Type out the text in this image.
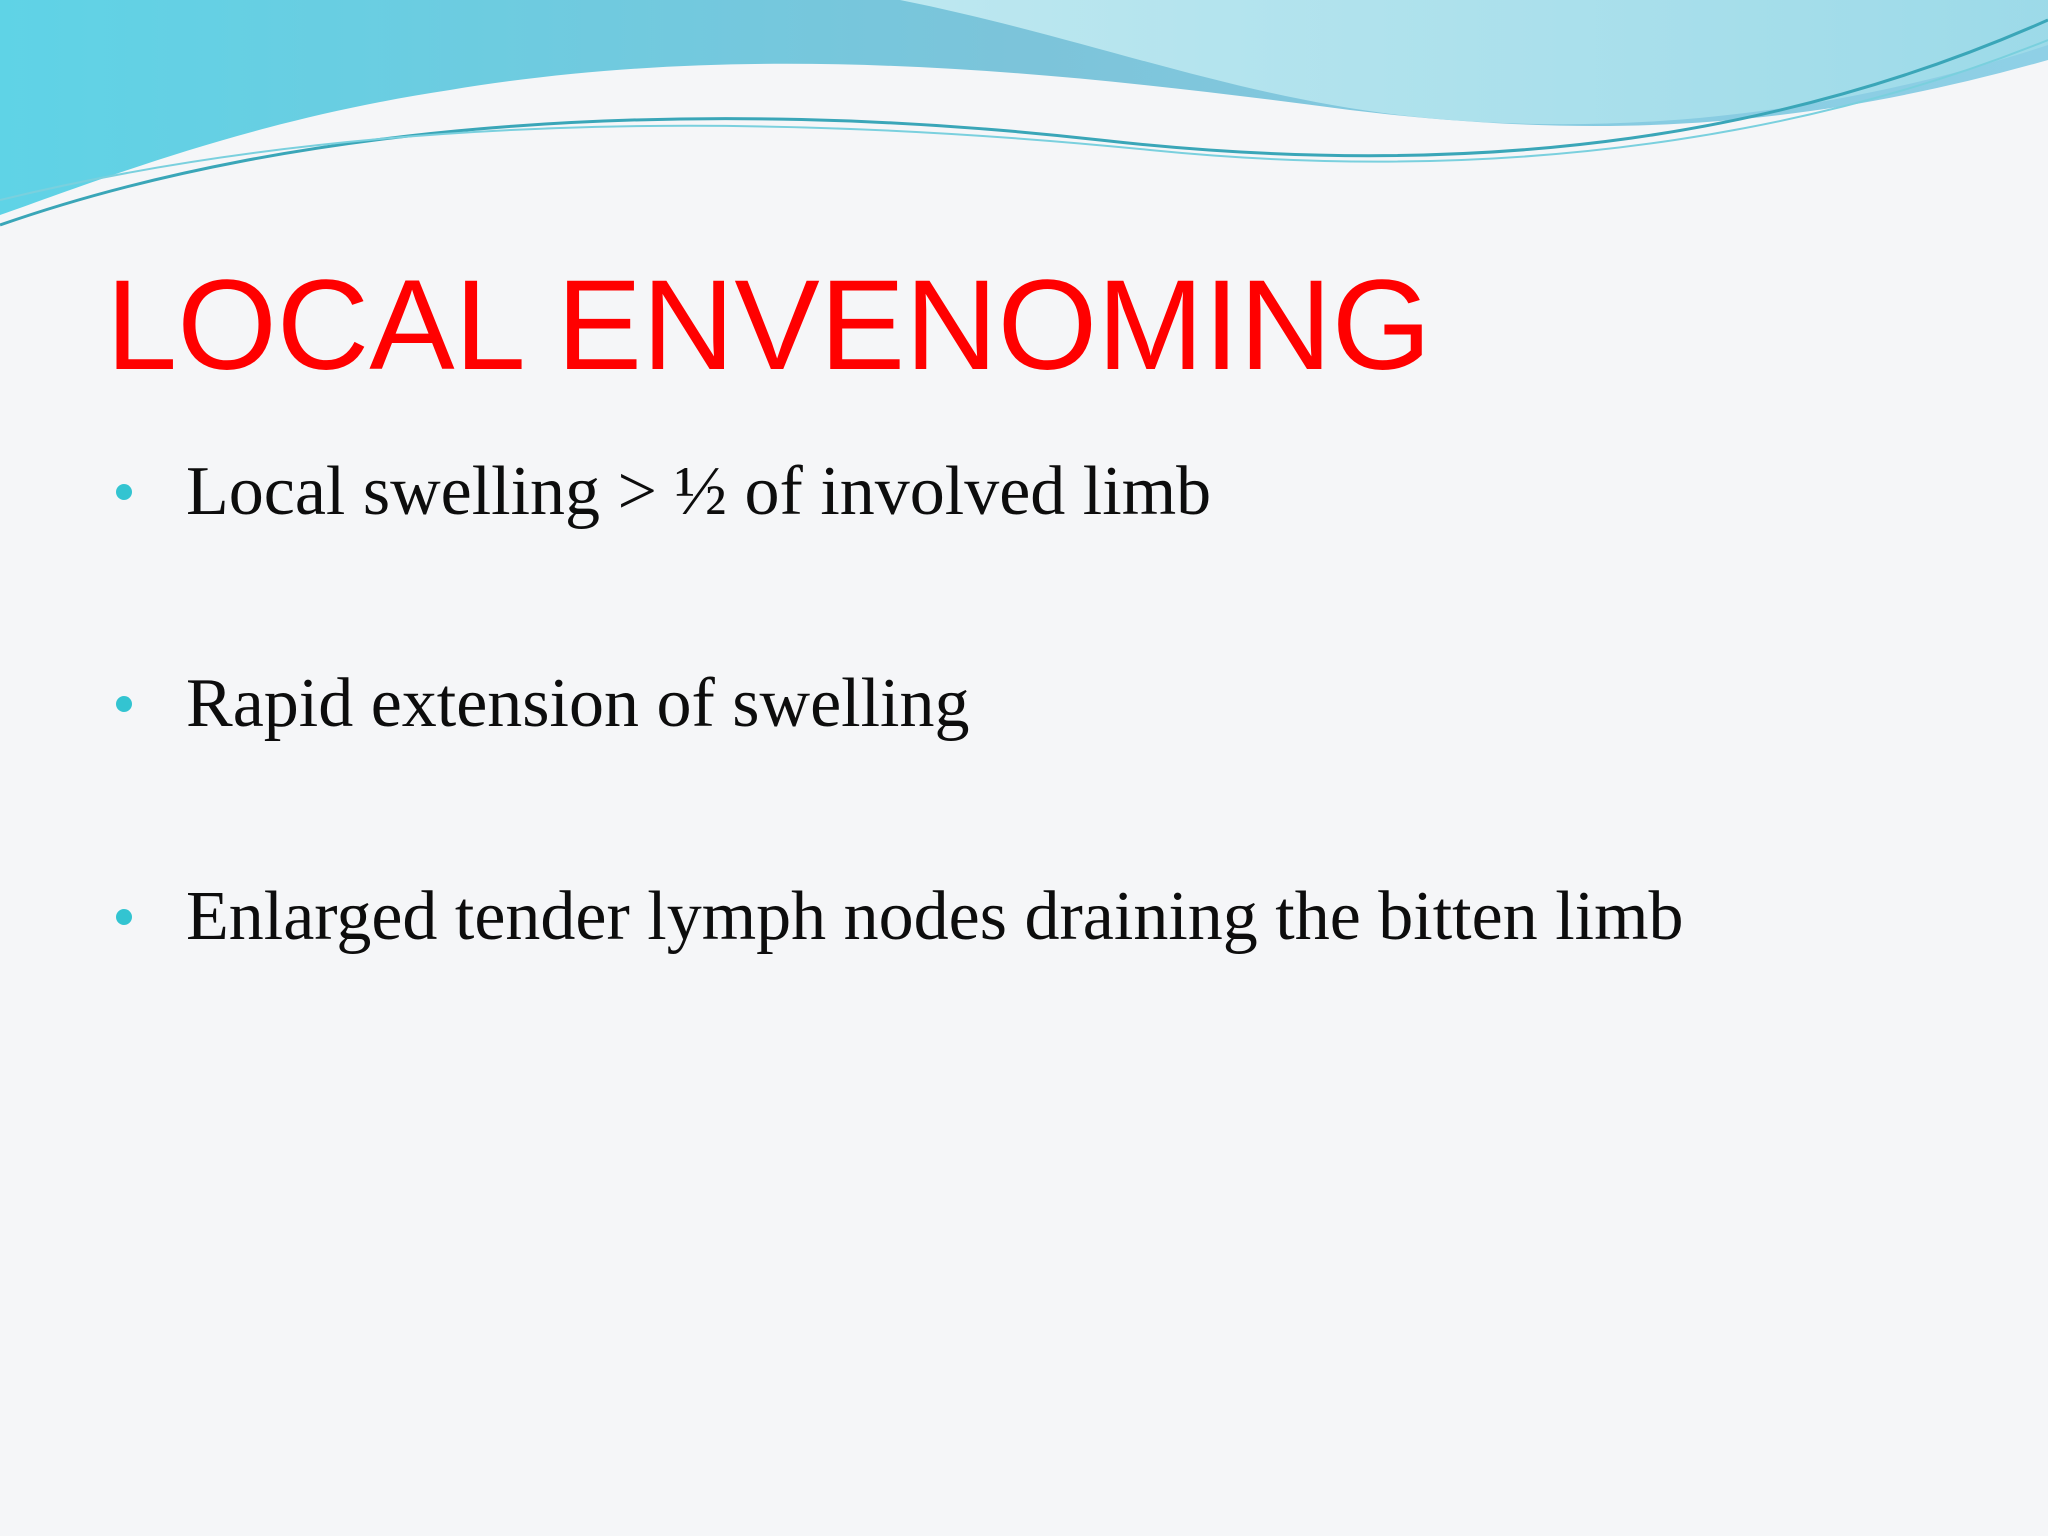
LOCAL ENVENOMING
Local swelling > ½ of involved limb
Rapid extension of swelling
Enlarged tender lymph nodes draining the bitten limb
